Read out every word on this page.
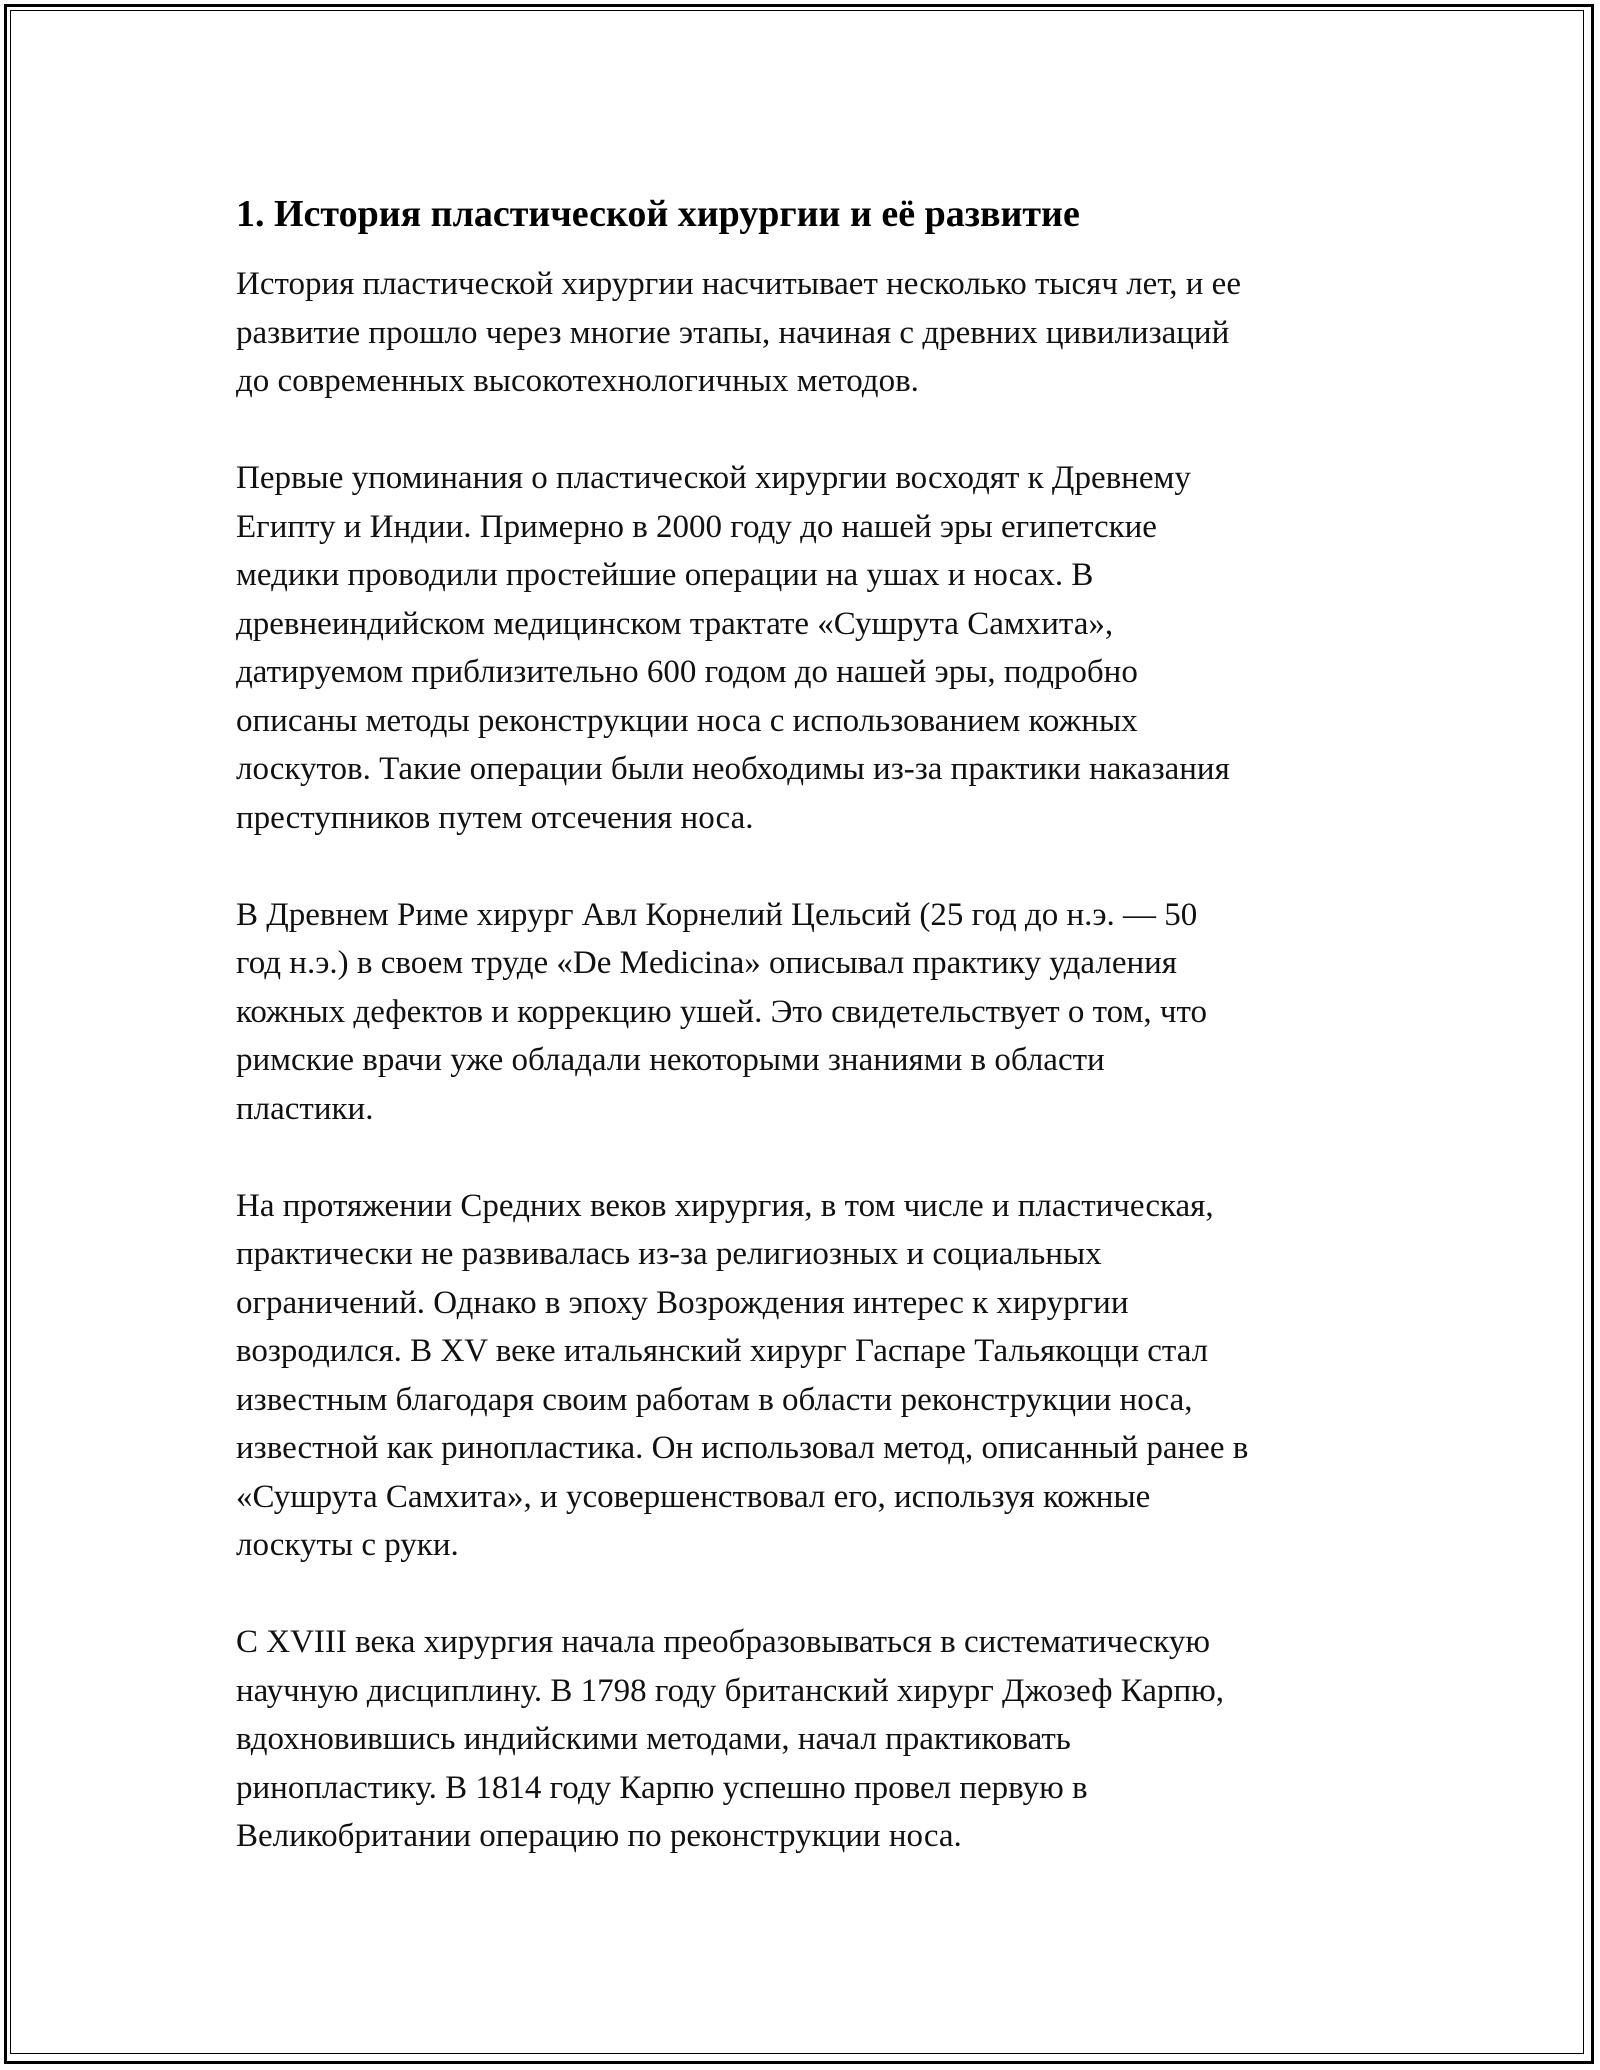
1. История пластической хирургии и её развитие
История пластической хирургии насчитывает несколько тысяч лет, и ее
развитие прошло через многие этапы, начиная с древних цивилизаций
до современных высокотехнологичных методов.
Первые упоминания о пластической хирургии восходят к Древнему
Египту и Индии. Примерно в 2000 году до нашей эры египетские
медики проводили простейшие операции на ушах и носах. В
древнеиндийском медицинском трактате «Сушрута Самхита»,
датируемом приблизительно 600 годом до нашей эры, подробно
описаны методы реконструкции носа с использованием кожных
лоскутов. Такие операции были необходимы из-за практики наказания
преступников путем отсечения носа.
В Древнем Риме хирург Авл Корнелий Цельсий (25 год до н.э. — 50
год н.э.) в своем труде «De Medicina» описывал практику удаления
кожных дефектов и коррекцию ушей. Это свидетельствует о том, что
римские врачи уже обладали некоторыми знаниями в области
пластики.
На протяжении Средних веков хирургия, в том числе и пластическая,
практически не развивалась из-за религиозных и социальных
ограничений. Однако в эпоху Возрождения интерес к хирургии
возродился. В XV веке итальянский хирург Гаспаре Тальякоцци стал
известным благодаря своим работам в области реконструкции носа,
известной как ринопластика. Он использовал метод, описанный ранее в
«Сушрута Самхита», и усовершенствовал его, используя кожные
лоскуты с руки.
С XVIII века хирургия начала преобразовываться в систематическую
научную дисциплину. В 1798 году британский хирург Джозеф Карпю,
вдохновившись индийскими методами, начал практиковать
ринопластику. В 1814 году Карпю успешно провел первую в
Великобритании операцию по реконструкции носа.
